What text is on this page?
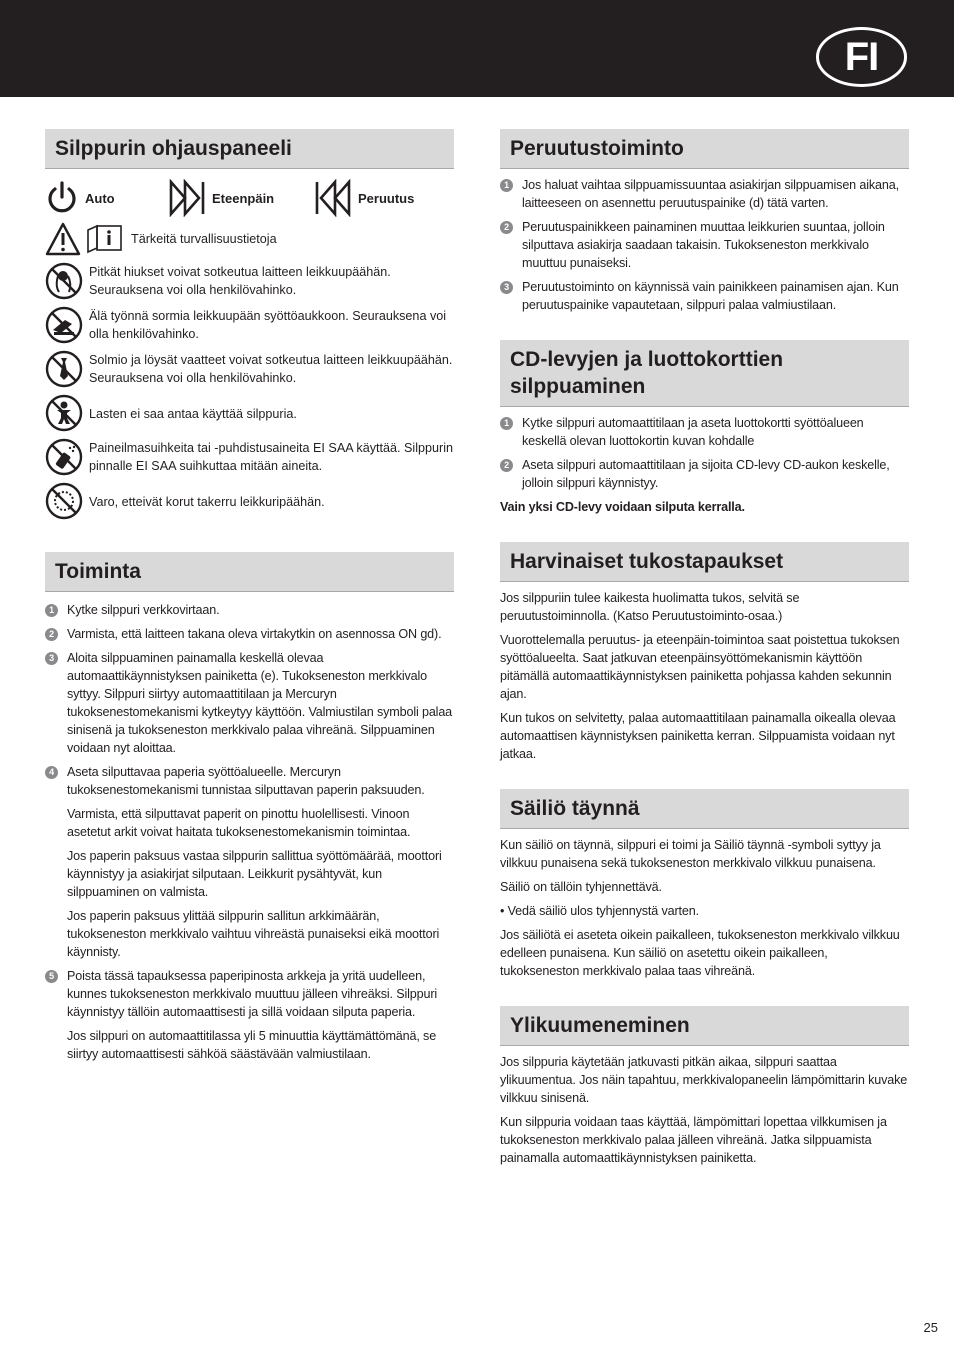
FI
Silppurin ohjauspaneeli
Auto	Eteenpäin	Peruutus
Tärkeitä turvallisuustietoja
Pitkät hiukset voivat sotkeutua laitteen leikkuupäähän. Seurauksena voi olla henkilövahinko.
Älä työnnä sormia leikkuupään syöttöaukkoon. Seurauksena voi olla henkilövahinko.
Solmio ja löysät vaatteet voivat sotkeutua laitteen leikkuupäähän. Seurauksena voi olla henkilövahinko.
Lasten ei saa antaa käyttää silppuria.
Paineilmasuihkeita tai -puhdistusaineita EI SAA käyttää. Silppurin pinnalle EI SAA suihkuttaa mitään aineita.
Varo, etteivät korut takerru leikkuripäähän.
Toiminta
1	Kytke silppuri verkkovirtaan.
2	Varmista, että laitteen takana oleva virtakytkin on asennossa ON gd).
3	Aloita silppuaminen painamalla keskellä olevaa automaattikäynnistyksen painiketta (e). Tukokseneston merkkivalo syttyy. Silppuri siirtyy automaattitilaan ja Mercuryn tukoksenestomekanismi kytkeytyy käyttöön. Valmiustilan symboli palaa sinisenä ja tukokseneston merkkivalo palaa vihreänä. Silppuaminen voidaan nyt aloittaa.
4	Aseta silputtavaa paperia syöttöalueelle. Mercuryn tukoksenestomekanismi tunnistaa silputtavan paperin paksuuden.
Varmista, että silputtavat paperit on pinottu huolellisesti. Vinoon asetetut arkit voivat haitata tukoksenestomekanismin toimintaa.
Jos paperin paksuus vastaa silppurin sallittua syöttömäärää, moottori käynnistyy ja asiakirjat silputaan. Leikkurit pysähtyvät, kun silppuaminen on valmista.
Jos paperin paksuus ylittää silppurin sallitun arkkimäärän, tukokseneston merkkivalo vaihtuu vihreästä punaiseksi eikä moottori käynnisty.
5	Poista tässä tapauksessa paperipinosta arkkeja ja yritä uudelleen, kunnes tukokseneston merkkivalo muuttuu jälleen vihreäksi. Silppuri käynnistyy tällöin automaattisesti ja sillä voidaan silputa paperia.
Jos silppuri on automaattitilassa yli 5 minuuttia käyttämättömänä, se siirtyy automaattisesti sähköä säästävään valmiustilaan.
Peruutustoiminto
1	Jos haluat vaihtaa silppuamissuuntaa asiakirjan silppuamisen aikana, laitteeseen on asennettu peruutuspainike (d) tätä varten.
2	Peruutuspainikkeen painaminen muuttaa leikkurien suuntaa, jolloin silputtava asiakirja saadaan takaisin. Tukokseneston merkkivalo muuttuu punaiseksi.
3	Peruutustoiminto on käynnissä vain painikkeen painamisen ajan. Kun peruutuspainike vapautetaan, silppuri palaa valmiustilaan.
CD-levyjen ja luottokorttien silppuaminen
1	Kytke silppuri automaattitilaan ja aseta luottokortti syöttöalueen keskellä olevan luottokortin kuvan kohdalle
2	Aseta silppuri automaattitilaan ja sijoita CD-levy CD-aukon keskelle, jolloin silppuri käynnistyy.

Vain yksi CD-levy voidaan silputa kerralla.

Harvinaiset tukostapaukset

Jos silppuriin tulee kaikesta huolimatta tukos, selvitä se peruutustoiminnolla. (Katso Peruutustoiminto-osaa.)

Vuorottelemalla peruutus- ja eteenpäin-toimintoa saat poistettua tukoksen syöttöalueelta. Saat jatkuvan eteenpäinsyöttömekanismin käyttöön pitämällä automaattikäynnistyksen painiketta pohjassa kahden sekunnin ajan.

Kun tukos on selvitetty, palaa automaattitilaan painamalla oikealla olevaa automaattisen käynnistyksen painiketta kerran. Silppuamista voidaan nyt jatkaa.

Säiliö täynnä

Kun säiliö on täynnä, silppuri ei toimi ja Säiliö täynnä -symboli syttyy ja vilkkuu punaisena sekä tukokseneston merkkivalo vilkkuu punaisena.

Säiliö on tällöin tyhjennettävä.

• Vedä säiliö ulos tyhjennystä varten.

Jos säiliötä ei aseteta oikein paikalleen, tukokseneston merkkivalo vilkkuu edelleen punaisena. Kun säiliö on asetettu oikein paikalleen, tukokseneston merkkivalo palaa taas vihreänä.

Ylikuumeneminen

Jos silppuria käytetään jatkuvasti pitkän aikaa, silppuri saattaa ylikuumentua. Jos näin tapahtuu, merkkivalopaneelin lämpömittarin kuvake vilkkuu sinisenä.

Kun silppuria voidaan taas käyttää, lämpömittari lopettaa vilkkumisen ja tukokseneston merkkivalo palaa jälleen vihreänä. Jatka silppuamista painamalla automaattikäynnistyksen painiketta.

25
